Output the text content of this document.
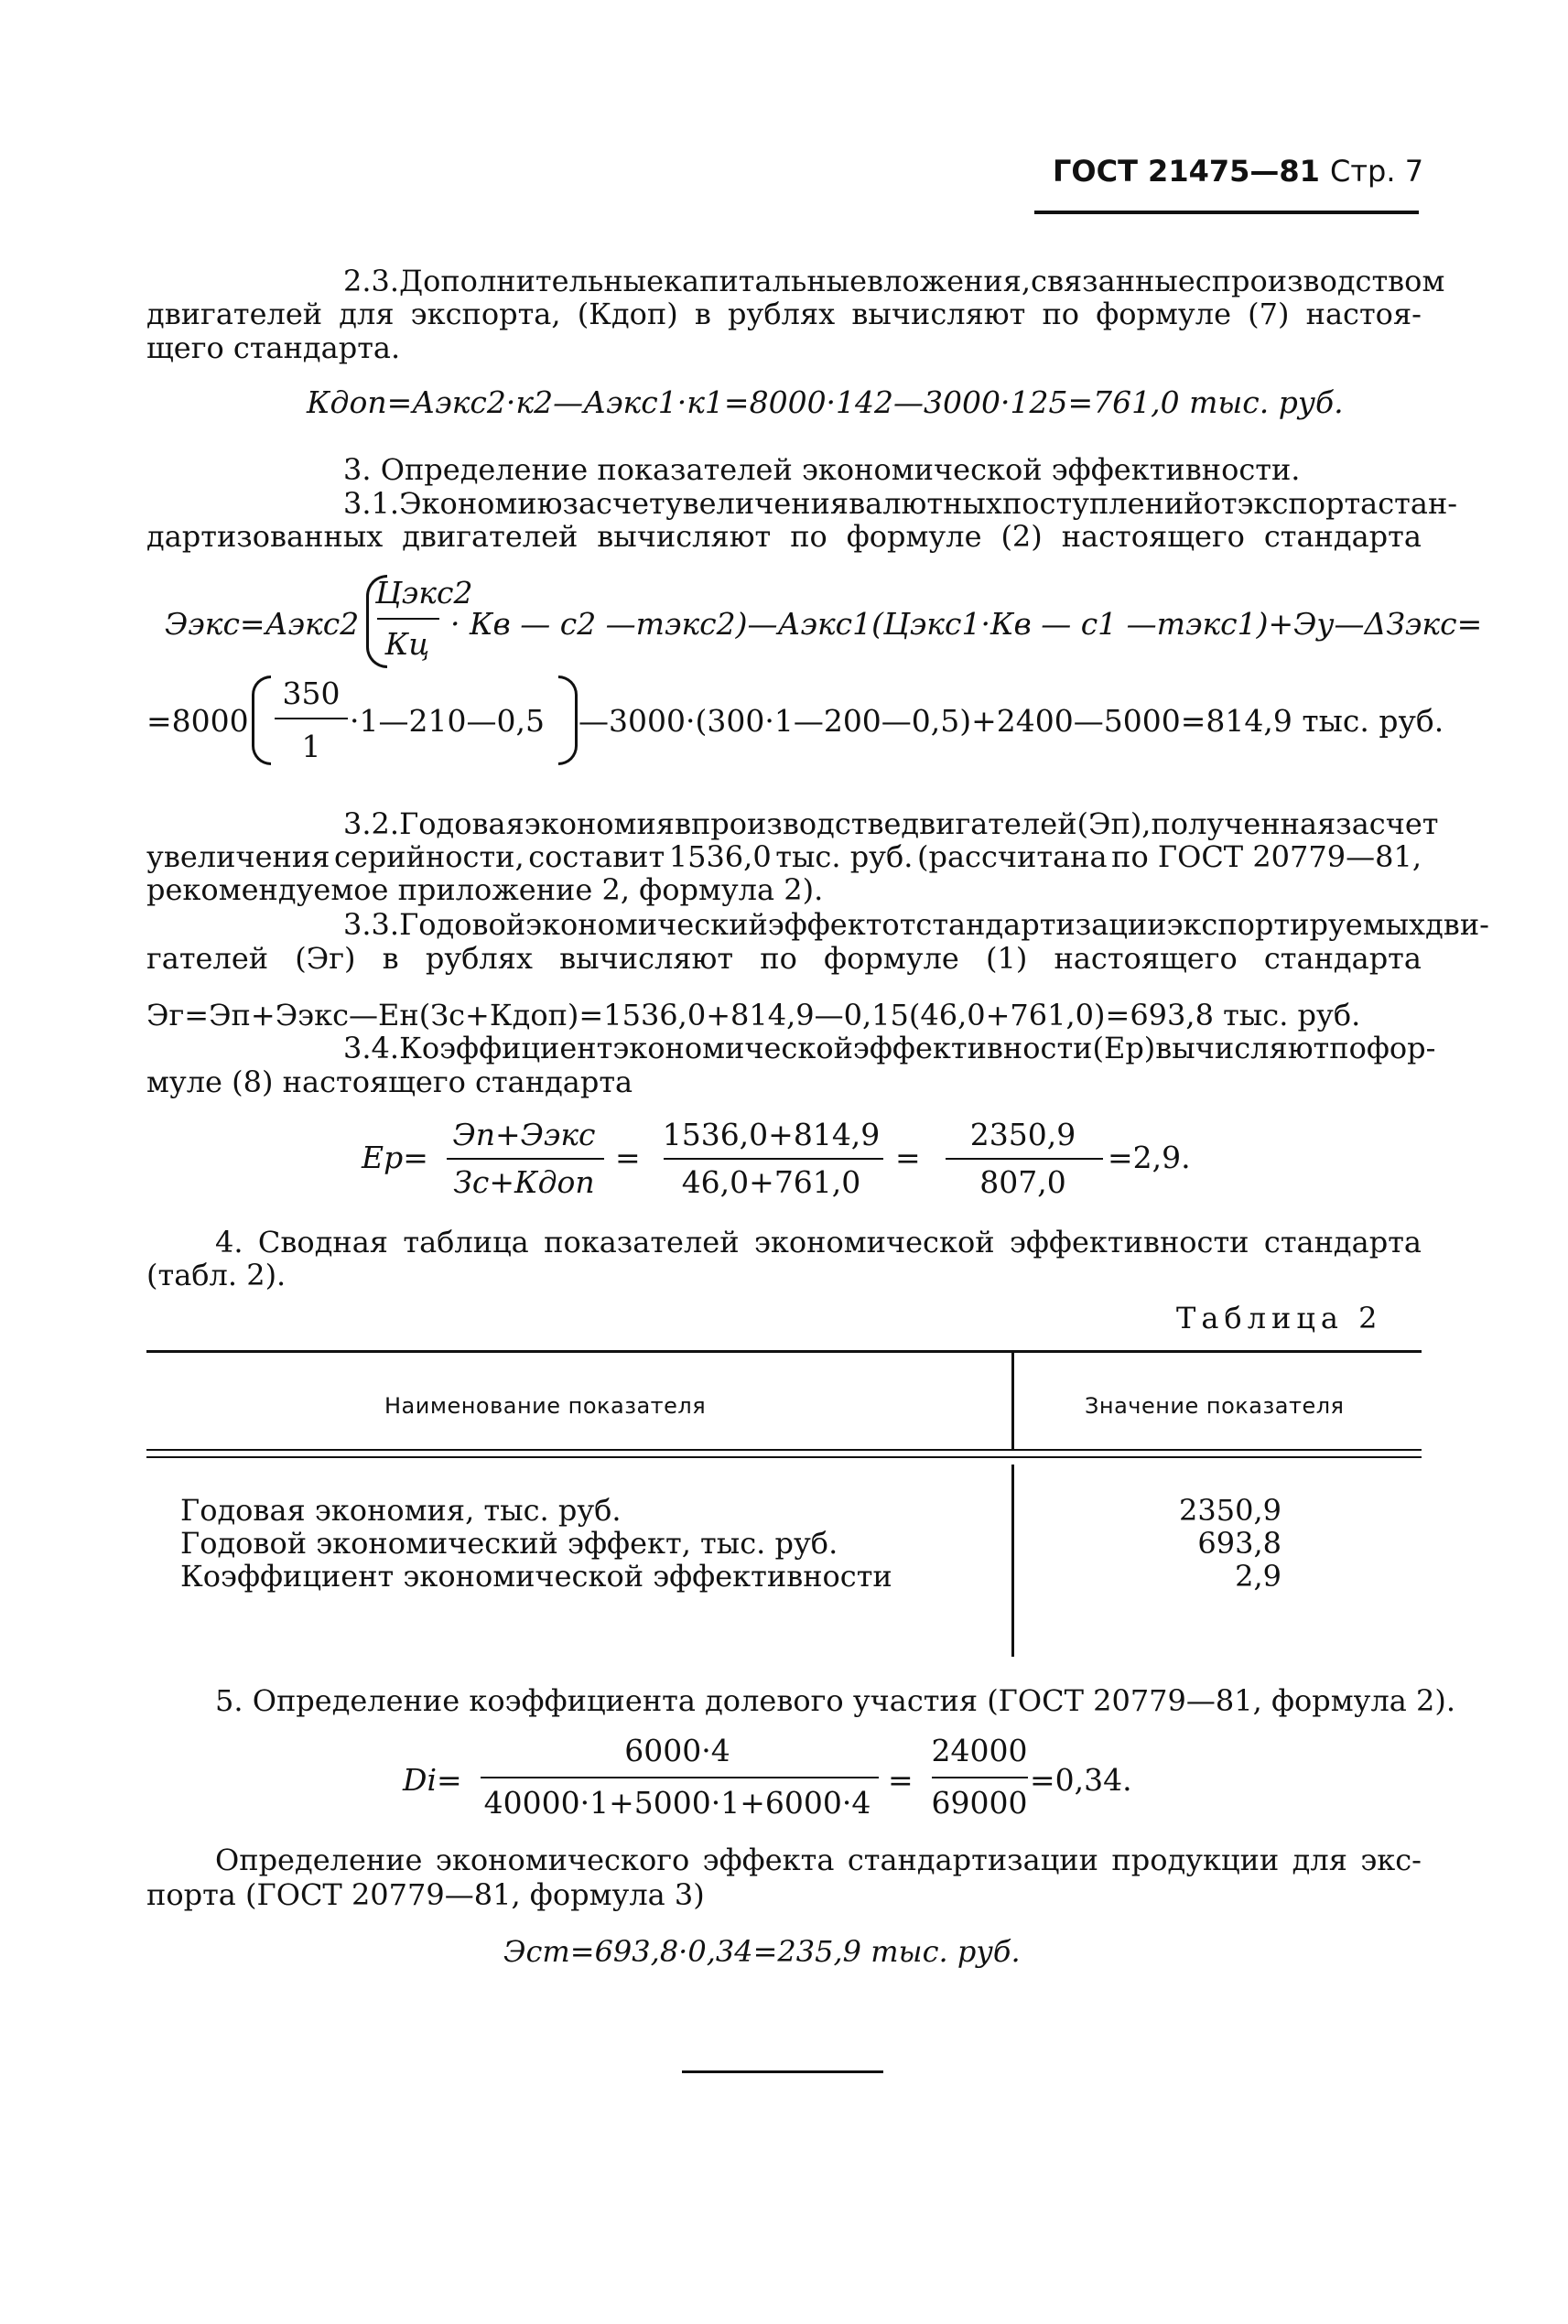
ГОСТ 21475—81 Стр. 7
2.3. Дополнительные капитальные вложения, связанные с производством
двигателей для экспорта, (Кдоп) в рублях вычисляют по формуле (7) настоя-
щего стандарта.
Кдоп=Аэкс2·к2—Аэкс1·к1=8000·142—3000·125=761,0 тыс. руб.
3. Определение показателей экономической эффективности.
3.1. Экономию за счет увеличения валютных поступлений от экспорта стан-
дартизованных двигателей вычисляют по формуле (2) настоящего стандарта
Ээкс=Аэкс2
Цэкс2
Кц
· Кв — с2 —тэкс2)—Аэкс1(Цэкс1·Кв — с1 —тэкс1)+Эу—ΔЗэкс=
=8000
350
1
·1—210—0,5 —3000·(300·1—200—0,5)+2400—5000=814,9 тыс. руб.
3.2. Годовая экономия в производстве двигателей (Эп), полученная за счет
увеличения серийности, составит 1536,0 тыс. руб. (рассчитана по ГОСТ 20779—81,
рекомендуемое приложение 2, формула 2).
3.3. Годовой экономический эффект от стандартизации экспортируемых дви-
гателей (Эг) в рублях вычисляют по формуле (1) настоящего стандарта
Эг=Эп+Ээкс—Ен(Зс+Кдоп)=1536,0+814,9—0,15(46,0+761,0)=693,8 тыс. руб.
3.4. Коэффициент экономической эффективности (Ер) вычисляют по фор-
муле (8) настоящего стандарта
Ер=
Эп+Ээкс
Зс+Кдоп
=
1536,0+814,9
46,0+761,0
=
2350,9
807,0
=2,9.
4. Сводная таблица показателей экономической эффективности стандарта
(табл. 2).
Таблица 2
Наименование показателя	Значение показателя
Годовая экономия, тыс. руб.	2350,9
Годовой экономический эффект, тыс. руб.	693,8
Коэффициент экономической эффективности	2,9
5. Определение коэффициента долевого участия (ГОСТ 20779—81, формула 2).
Di=
6000·4
40000·1+5000·1+6000·4
=
24000
69000
=0,34.
Определение экономического эффекта стандартизации продукции для экс-
порта (ГОСТ 20779—81, формула 3)
Эст=693,8·0,34=235,9 тыс. руб.
